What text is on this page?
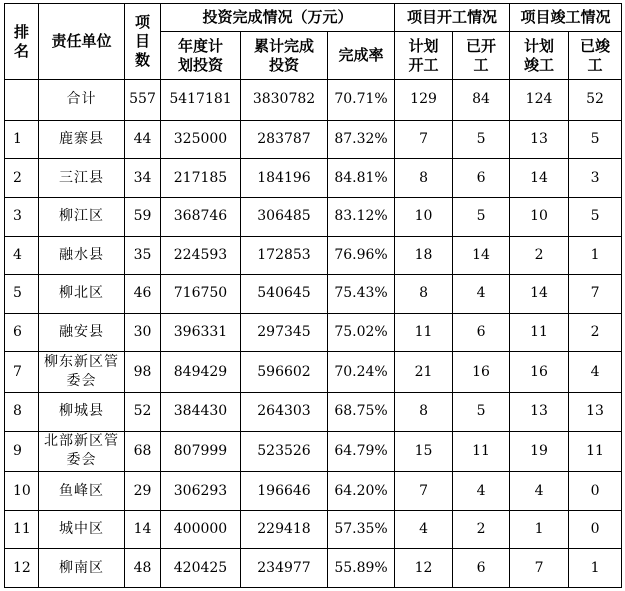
排名	责任单位	项目数	投资完成情况（万元）			项目开工情况		项目竣工情况	
			年度计划投资	累计完成投资	完成率	计划开工	已开工	计划竣工	已竣工
	合计	557	5417181	3830782	70.71%	129	84	124	52
1	鹿寨县	44	325000	283787	87.32%	7	5	13	5
2	三江县	34	217185	184196	84.81%	8	6	14	3
3	柳江区	59	368746	306485	83.12%	10	5	10	5
4	融水县	35	224593	172853	76.96%	18	14	2	1
5	柳北区	46	716750	540645	75.43%	8	4	14	7
6	融安县	30	396331	297345	75.02%	11	6	11	2
7	柳东新区管委会	98	849429	596602	70.24%	21	16	16	4
8	柳城县	52	384430	264303	68.75%	8	5	13	13
9	北部新区管委会	68	807999	523526	64.79%	15	11	19	11
10	鱼峰区	29	306293	196646	64.20%	7	4	4	0
11	城中区	14	400000	229418	57.35%	4	2	1	0
12	柳南区	48	420425	234977	55.89%	12	6	7	1
